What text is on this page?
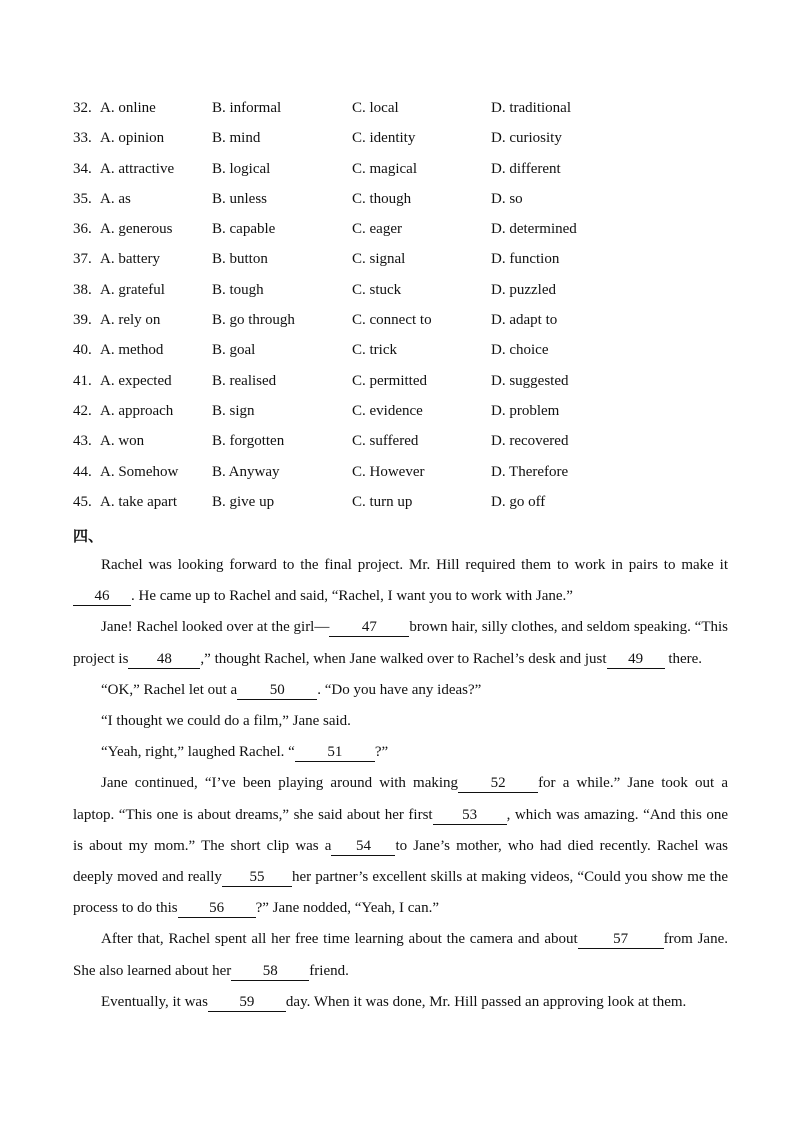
32. A. online	B. informal	C. local	D. traditional
33. A. opinion	B. mind	C. identity	D. curiosity
34. A. attractive	B. logical	C. magical	D. different
35. A. as	B. unless	C. though	D. so
36. A. generous	B. capable	C. eager	D. determined
37. A. battery	B. button	C. signal	D. function
38. A. grateful	B. tough	C. stuck	D. puzzled
39. A. rely on	B. go through	C. connect to	D. adapt to
40. A. method	B. goal	C. trick	D. choice
41. A. expected	B. realised	C. permitted	D. suggested
42. A. approach	B. sign	C. evidence	D. problem
43. A. won	B. forgotten	C. suffered	D. recovered
44. A. Somehow B. Anyway	C. However	D. Therefore
45. A. take apart B. give up	C. turn up	D. go off
四、

Rachel was looking forward to the final project. Mr. Hill required them to work in pairs to make it46 . He came up to Rachel and said, “Rachel, I want you to work with Jane.”

Jane! Rachel looked over at the girl— 47 brown hair, silly clothes, and seldom speaking. “This project is 48 ,” thought Rachel, when Jane walked over to Rachel’s desk and just 49 there.

“OK,” Rachel let out a 50 . “Do you have any ideas?”

“I thought we could do a film,” Jane said.

“Yeah, right,” laughed Rachel. “ 51 ?”

Jane continued, “I’ve been playing around with making 52 for a while.” Jane took out a laptop. “This one is about dreams,” she said about her first 53 , which was amazing. “And this one is about my mom.” The short clip was a 54 to Jane’s mother, who had died recently. Rachel was deeply moved and really 55 her partner’s excellent skills at making videos, “Could you show me the process to do this 56 ?” Jane nodded, “Yeah, I can.”

After that, Rachel spent all her free time learning about the camera and about 57 from Jane. She also learned about her 58 friend.

Eventually, it was 59 day. When it was done, Mr. Hill passed an approving look at them.
